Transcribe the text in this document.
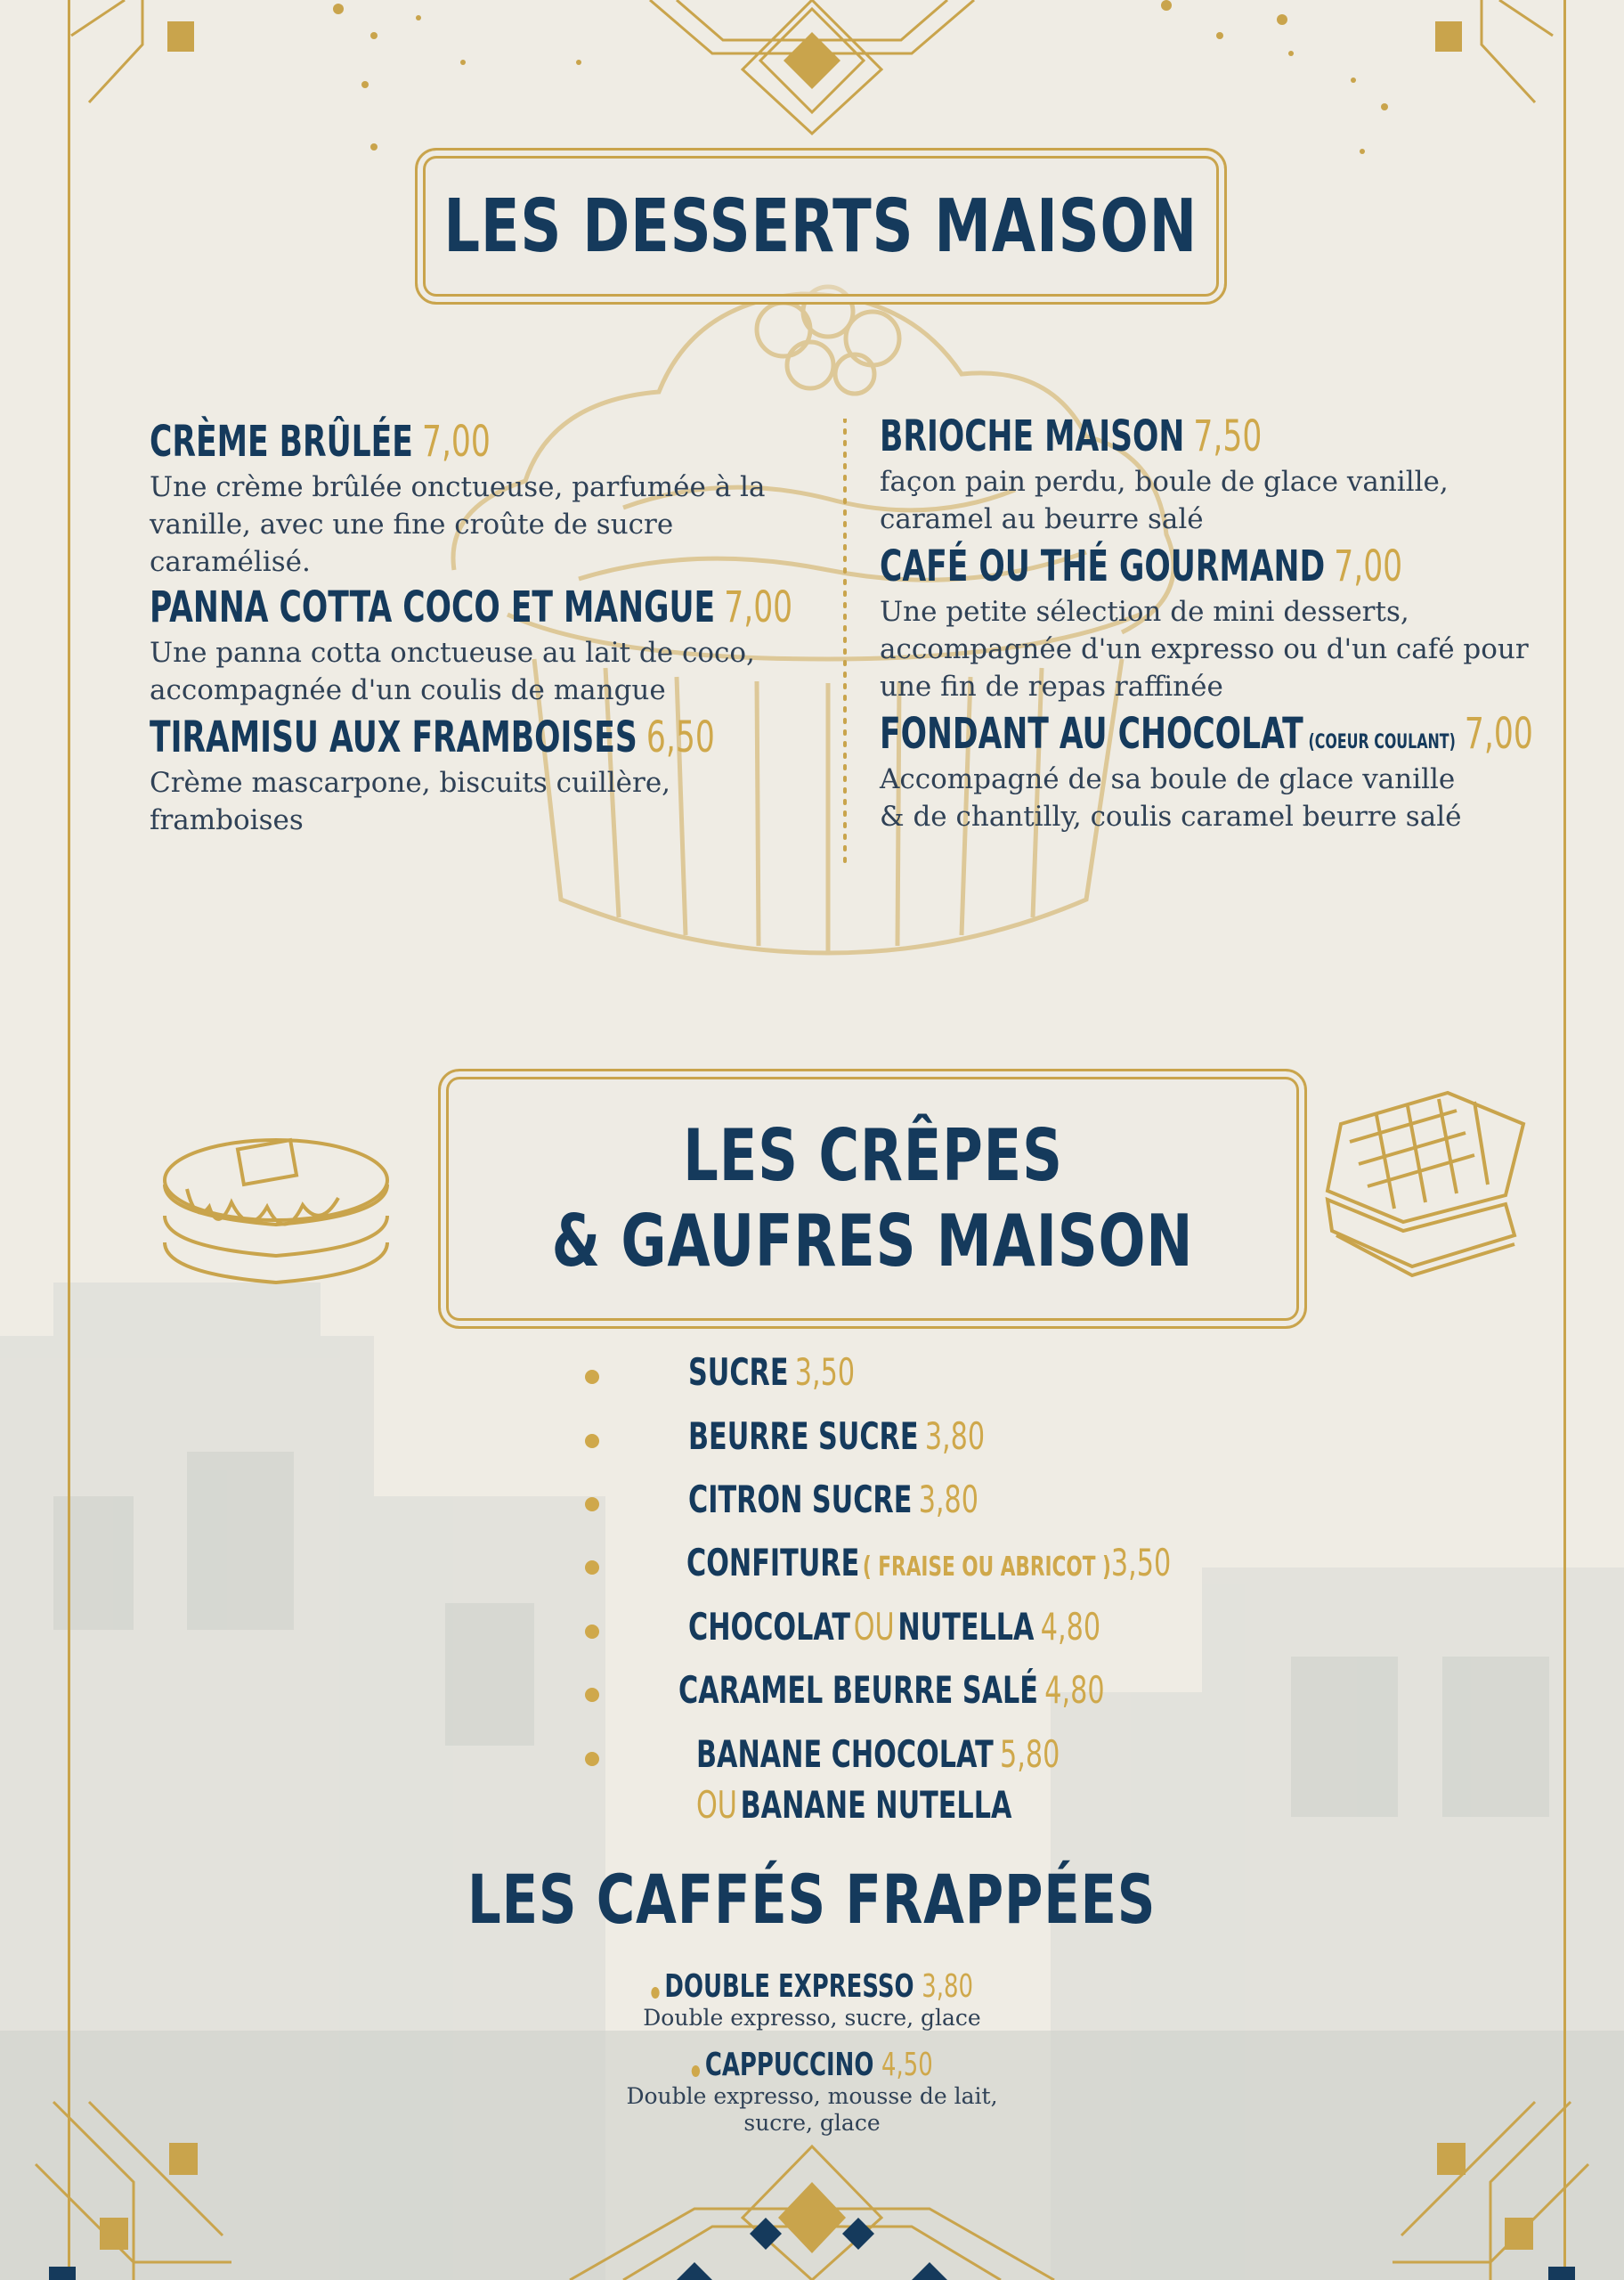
LES DESSERTS MAISON
CRÈME BRÛLÉE 7,00
Une crème brûlée onctueuse, parfumée à la
vanille, avec une fine croûte de sucre
caramélisé.
PANNA COTTA COCO ET MANGUE 7,00
Une panna cotta onctueuse au lait de coco,
accompagnée d'un coulis de mangue
TIRAMISU AUX FRAMBOISES 6,50
Crème mascarpone, biscuits cuillère,
framboises
BRIOCHE MAISON 7,50
façon pain perdu, boule de glace vanille,
caramel au beurre salé
CAFÉ OU THÉ GOURMAND 7,00
Une petite sélection de mini desserts,
accompagnée d'un expresso ou d'un café pour
une fin de repas raffinée
FONDANT AU CHOCOLAT (COEUR COULANT) 7,00
Accompagné de sa boule de glace vanille
& de chantilly, coulis caramel beurre salé
LES CRÊPES
& GAUFRES MAISON
SUCRE 3,50
BEURRE SUCRE 3,80
CITRON SUCRE 3,80
CONFITURE ( FRAISE OU ABRICOT )3,50
CHOCOLAT OU NUTELLA 4,80
CARAMEL BEURRE SALÉ 4,80
BANANE CHOCOLAT 5,80
OU BANANE NUTELLA
LES CAFFÉS FRAPPÉES
DOUBLE EXPRESSO 3,80
Double expresso, sucre, glace
CAPPUCCINO 4,50
Double expresso, mousse de lait,
sucre, glace
